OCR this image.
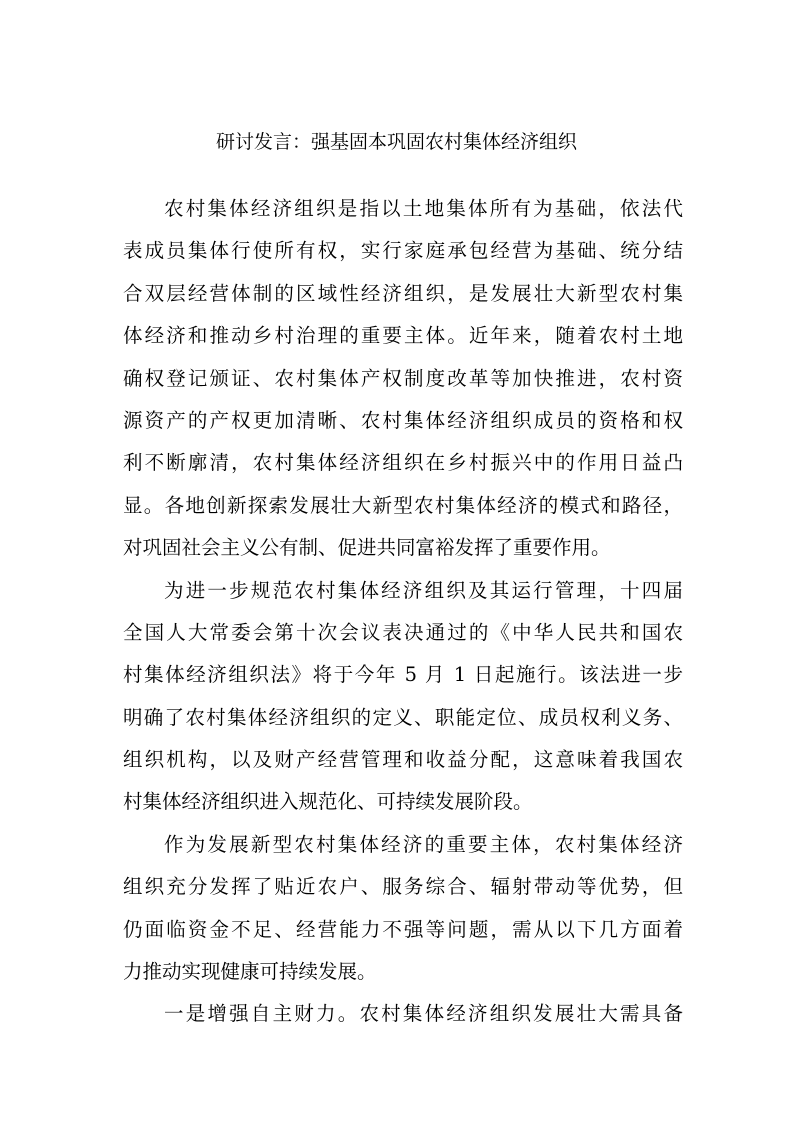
研讨发言：强基固本巩固农村集体经济组织
农村集体经济组织是指以土地集体所有为基础，依法代
表成员集体行使所有权，实行家庭承包经营为基础、统分结
合双层经营体制的区域性经济组织，是发展壮大新型农村集
体经济和推动乡村治理的重要主体。近年来，随着农村土地
确权登记颁证、农村集体产权制度改革等加快推进，农村资
源资产的产权更加清晰、农村集体经济组织成员的资格和权
利不断廓清，农村集体经济组织在乡村振兴中的作用日益凸
显。各地创新探索发展壮大新型农村集体经济的模式和路径，
对巩固社会主义公有制、促进共同富裕发挥了重要作用。
为进一步规范农村集体经济组织及其运行管理，十四届
全国人大常委会第十次会议表决通过的《中华人民共和国农
村集体经济组织法》将于今年 5 月 1 日起施行。该法进一步
明确了农村集体经济组织的定义、职能定位、成员权利义务、
组织机构，以及财产经营管理和收益分配，这意味着我国农
村集体经济组织进入规范化、可持续发展阶段。
作为发展新型农村集体经济的重要主体，农村集体经济
组织充分发挥了贴近农户、服务综合、辐射带动等优势，但
仍面临资金不足、经营能力不强等问题，需从以下几方面着
力推动实现健康可持续发展。
一是增强自主财力。农村集体经济组织发展壮大需具备
